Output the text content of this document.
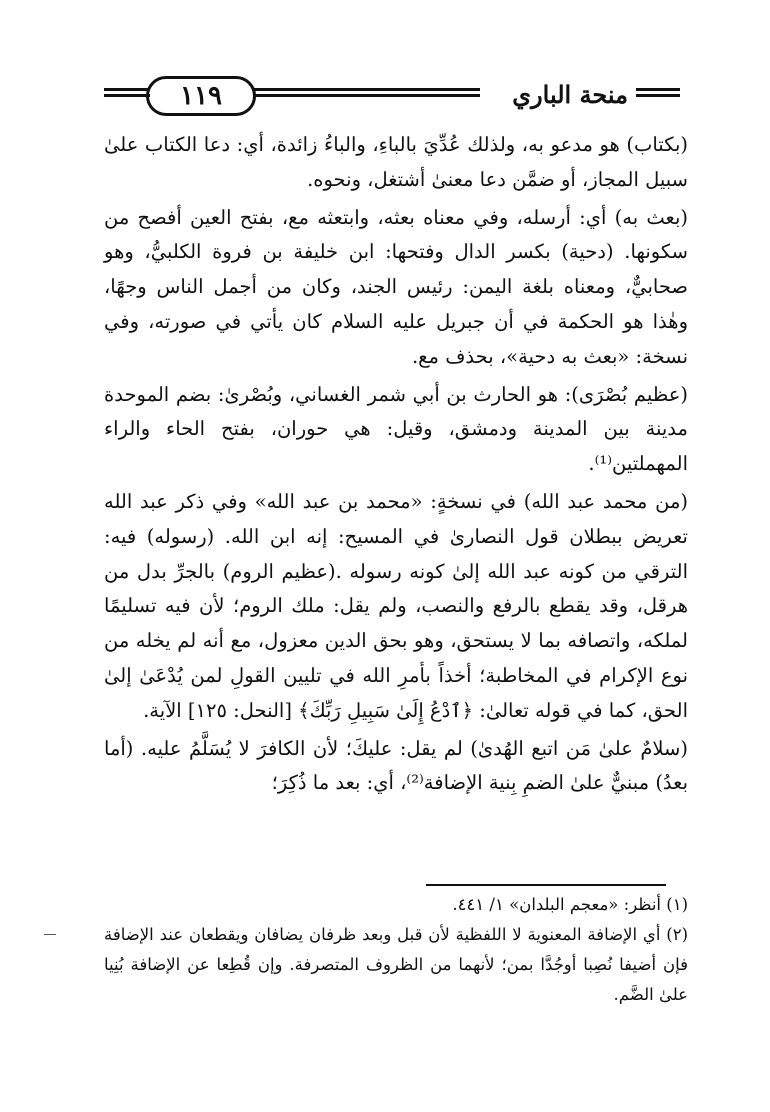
منحة الباري
١١٩

(بكتاب) هو مدعو به، ولذلك عُدِّيَ بالباءِ، والباءُ زائدة، أي: دعا الكتاب علىٰ سبيل المجاز، أو ضمَّن دعا معنىٰ أشتغل، ونحوه.

(بعث به) أي: أرسله، وفي معناه بعثه، وابتعثه مع، بفتح العين أفصح من سكونها. (دحية) بكسر الدال وفتحها: ابن خليفة بن فروة الكلبيُّ، وهو صحابيٌّ، ومعناه بلغة اليمن: رئيس الجند، وكان من أجمل الناس وجهًا، وهٰذا هو الحكمة في أن جبريل عليه السلام كان يأتي في صورته، وفي نسخة: «بعث به دحية»، بحذف مع.

(عظيم بُصْرَى): هو الحارث بن أبي شمر الغساني، وبُصْرىٰ: بضم الموحدة مدينة بين المدينة ودمشق، وقيل: هي حوران، بفتح الحاء والراء المهملتين⁽¹⁾.

(من محمد عبد الله) في نسخةٍ: «محمد بن عبد الله» وفي ذكر عبد الله تعريض ببطلان قول النصارىٰ في المسيح: إنه ابن الله. (رسوله) فيه: الترقي من كونه عبد الله إلىٰ كونه رسوله .(عظيم الروم) بالجرِّ بدل من هرقل، وقد يقطع بالرفع والنصب، ولم يقل: ملك الروم؛ لأن فيه تسليمًا لملكه، واتصافه بما لا يستحق، وهو بحق الدين معزول، مع أنه لم يخله من نوع الإكرام في المخاطبة؛ أخذاً بأمرِ الله في تليين القولِ لمن يُدْعَىٰ إلىٰ الحق، كما في قوله تعالىٰ: ﴿ٱدْعُ إِلَىٰ سَبِيلِ رَبِّكَ﴾ [النحل: ١٢٥] الآية.

(سلامٌ علىٰ مَن اتبع الهُدىٰ) لم يقل: عليكَ؛ لأن الكافرَ لا يُسَلَّمُ عليه. (أما بعدُ) مبنيٌّ علىٰ الضمِ بِنية الإضافة⁽²⁾، أي: بعد ما ذُكِرَ؛

(١) أنظر: «معجم البلدان» ١/ ٤٤١.

(٢) أي الإضافة المعنوية لا اللفظية لأن قبل وبعد ظرفان يضافان ويقطعان عند الإضافة فإن أضيفا نُصِبا أوجُدَّا بمن؛ لأنهما من الظروف المتصرفة. وإن قُطِعا عن الإضافة بُنِيا علىٰ الضَّم.
